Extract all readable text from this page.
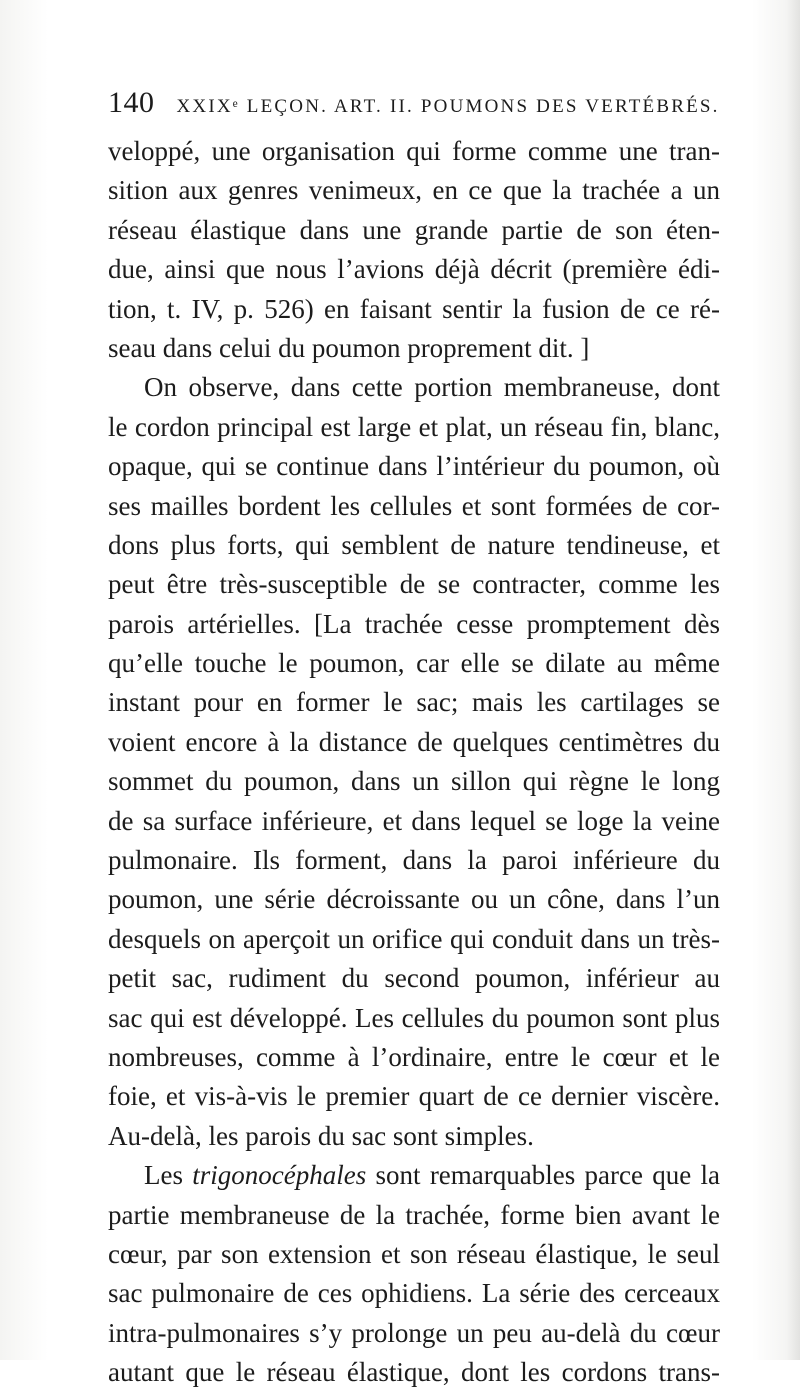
140 XXIXᵉ LEÇON. ART. II. POUMONS DES VERTÉBRÉS.
veloppé, une organisation qui forme comme une tran-
sition aux genres venimeux, en ce que la trachée a un
réseau élastique dans une grande partie de son éten-
due, ainsi que nous l’avions déjà décrit (première édi-
tion, t. IV, p. 526) en faisant sentir la fusion de ce ré-
seau dans celui du poumon proprement dit. ]
On observe, dans cette portion membraneuse, dont
le cordon principal est large et plat, un réseau fin, blanc,
opaque, qui se continue dans l’intérieur du poumon, où
ses mailles bordent les cellules et sont formées de cor-
dons plus forts, qui semblent de nature tendineuse, et
peut être très-susceptible de se contracter, comme les
parois artérielles. [La trachée cesse promptement dès
qu’elle touche le poumon, car elle se dilate au même
instant pour en former le sac; mais les cartilages se
voient encore à la distance de quelques centimètres du
sommet du poumon, dans un sillon qui règne le long
de sa surface inférieure, et dans lequel se loge la veine
pulmonaire. Ils forment, dans la paroi inférieure du
poumon, une série décroissante ou un cône, dans l’un
desquels on aperçoit un orifice qui conduit dans un très-
petit sac, rudiment du second poumon, inférieur au
sac qui est développé. Les cellules du poumon sont plus
nombreuses, comme à l’ordinaire, entre le cœur et le
foie, et vis-à-vis le premier quart de ce dernier viscère.
Au-delà, les parois du sac sont simples.
Les trigonocéphales sont remarquables parce que la
partie membraneuse de la trachée, forme bien avant le
cœur, par son extension et son réseau élastique, le seul
sac pulmonaire de ces ophidiens. La série des cerceaux
intra-pulmonaires s’y prolonge un peu au-delà du cœur
autant que le réseau élastique, dont les cordons trans-
